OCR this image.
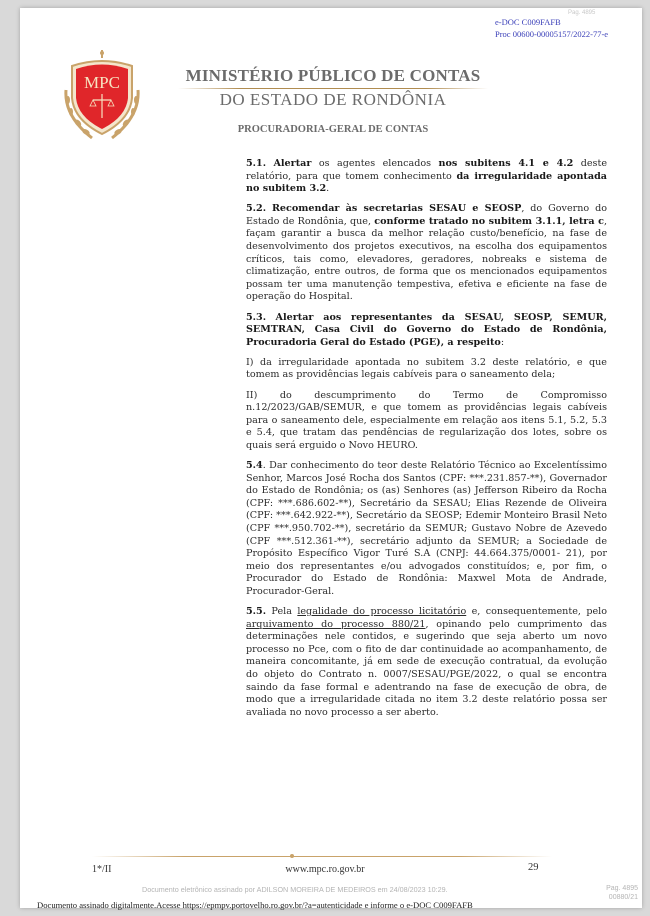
Pag. 4895
e-DOC C009FAFB
Proc 00600-00005157/2022-77-e
MPC	MINISTÉRIO PÚBLICO DE CONTAS
DO ESTADO DE RONDÔNIA
PROCURADORIA-GERAL DE CONTAS

5.1. Alertar os agentes elencados nos subitens 4.1 e 4.2 deste relatório, para que tomem conhecimento da irregularidade apontada no subitem 3.2.

5.2. Recomendar às secretarias SESAU e SEOSP, do Governo do Estado de Rondônia, que, conforme tratado no subitem 3.1.1, letra c, façam garantir a busca da melhor relação custo/benefício, na fase de desenvolvimento dos projetos executivos, na escolha dos equipamentos críticos, tais como, elevadores, geradores, nobreaks e sistema de climatização, entre outros, de forma que os mencionados equipamentos possam ter uma manutenção tempestiva, efetiva e eficiente na fase de operação do Hospital.

5.3. Alertar aos representantes da SESAU, SEOSP, SEMUR, SEMTRAN, Casa Civil do Governo do Estado de Rondônia, Procuradoria Geral do Estado (PGE), a respeito:

I) da irregularidade apontada no subitem 3.2 deste relatório, e que tomem as providências legais cabíveis para o saneamento dela;

II) do descumprimento do Termo de Compromisso n.12/2023/GAB/SEMUR, e que tomem as providências legais cabíveis para o saneamento dele, especialmente em relação aos itens 5.1, 5.2, 5.3 e 5.4, que tratam das pendências de regularização dos lotes, sobre os quais será erguido o Novo HEURO.

5.4. Dar conhecimento do teor deste Relatório Técnico ao Excelentíssimo Senhor, Marcos José Rocha dos Santos (CPF: ***.231.857-**), Governador do Estado de Rondônia; os (as) Senhores (as) Jefferson Ribeiro da Rocha (CPF: ***.686.602-**), Secretário da SESAU; Elias Rezende de Oliveira (CPF: ***.642.922-**), Secretário da SEOSP; Edemir Monteiro Brasil Neto (CPF ***.950.702-**), secretário da SEMUR; Gustavo Nobre de Azevedo (CPF ***.512.361-**), secretário adjunto da SEMUR; a Sociedade de Propósito Específico Vigor Turé S.A (CNPJ: 44.664.375/0001- 21), por meio dos representantes e/ou advogados constituídos; e, por fim, o Procurador do Estado de Rondônia: Maxwel Mota de Andrade, Procurador-Geral.

5.5. Pela legalidade do processo licitatório e, consequentemente, pelo arquivamento do processo 880/21, opinando pelo cumprimento das determinações nele contidos, e sugerindo que seja aberto um novo processo no Pce, com o fito de dar continuidade ao acompanhamento, de maneira concomitante, já em sede de execução contratual, da evolução do objeto do Contrato n. 0007/SESAU/PGE/2022, o qual se encontra saindo da fase formal e adentrando na fase de execução de obra, de modo que a irregularidade citada no item 3.2 deste relatório possa ser avaliada no novo processo a ser aberto.

1*/II	www.mpc.ro.gov.br	29
Documento eletrônico assinado por ADILSON MOREIRA DE MEDEIROS em 24/08/2023 10:29.	Pag. 4895
00880/21
Documento assinado digitalmente.Acesse https://epmpv.portovelho.ro.gov.br/?a=autenticidade e informe o e-DOC C009FAFB
